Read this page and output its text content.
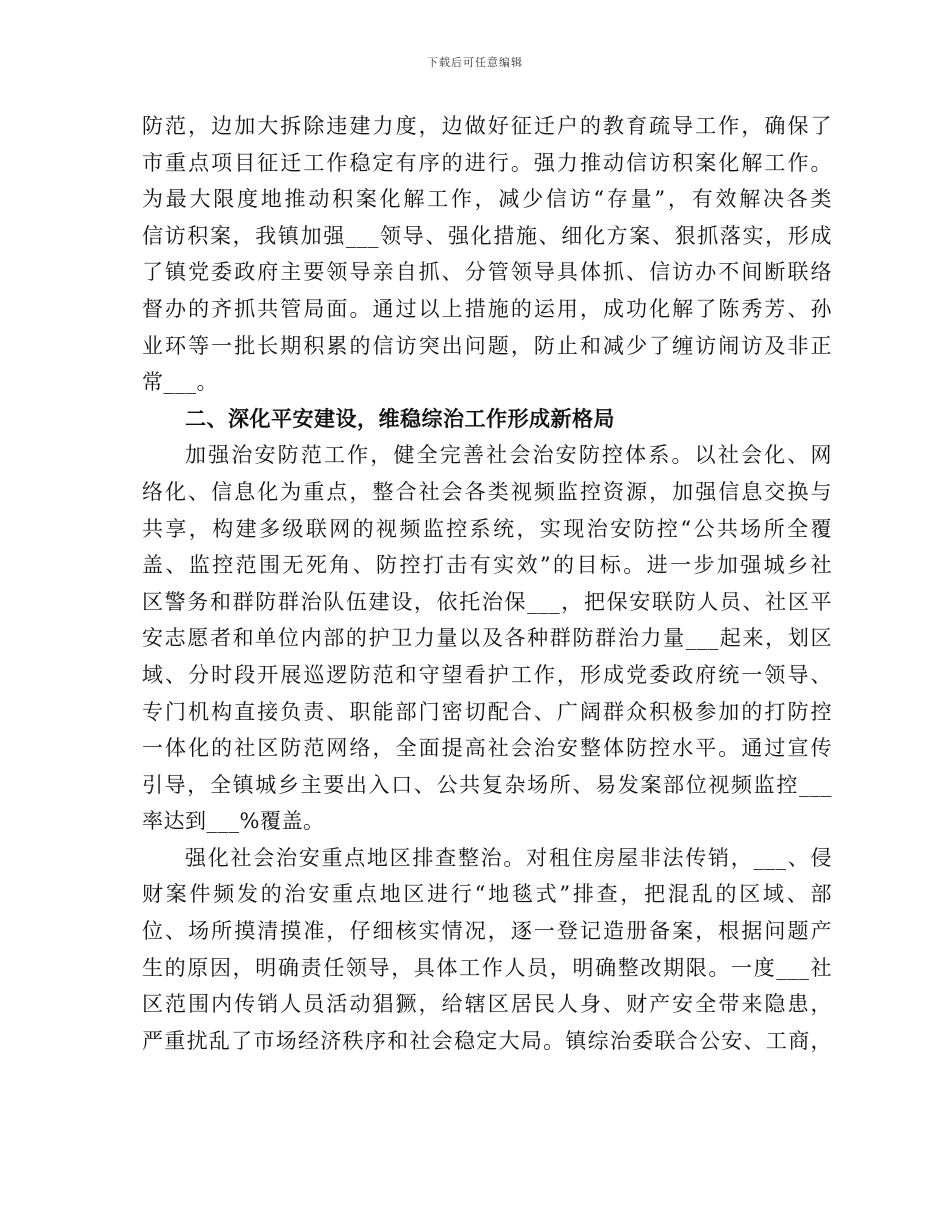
下载后可任意编辑
防范，边加大拆除违建力度，边做好征迁户的教育疏导工作，确保了
市重点项目征迁工作稳定有序的进行。强力推动信访积案化解工作。
为最大限度地推动积案化解工作，减少信访“存量”，有效解决各类
信访积案，我镇加强___领导、强化措施、细化方案、狠抓落实，形成
了镇党委政府主要领导亲自抓、分管领导具体抓、信访办不间断联络
督办的齐抓共管局面。通过以上措施的运用，成功化解了陈秀芳、孙
业环等一批长期积累的信访突出问题，防止和减少了缠访闹访及非正
常___。
二、深化平安建设，维稳综治工作形成新格局
加强治安防范工作，健全完善社会治安防控体系。以社会化、网
络化、信息化为重点，整合社会各类视频监控资源，加强信息交换与
共享，构建多级联网的视频监控系统，实现治安防控“公共场所全覆
盖、监控范围无死角、防控打击有实效”的目标。进一步加强城乡社
区警务和群防群治队伍建设，依托治保___，把保安联防人员、社区平
安志愿者和单位内部的护卫力量以及各种群防群治力量___起来，划区
域、分时段开展巡逻防范和守望看护工作，形成党委政府统一领导、
专门机构直接负责、职能部门密切配合、广阔群众积极参加的打防控
一体化的社区防范网络，全面提高社会治安整体防控水平。通过宣传
引导，全镇城乡主要出入口、公共复杂场所、易发案部位视频监控___
率达到___%覆盖。
强化社会治安重点地区排查整治。对租住房屋非法传销，___、侵
财案件频发的治安重点地区进行“地毯式”排查，把混乱的区域、部
位、场所摸清摸准，仔细核实情况，逐一登记造册备案，根据问题产
生的原因，明确责任领导，具体工作人员，明确整改期限。一度___社
区范围内传销人员活动猖獗，给辖区居民人身、财产安全带来隐患，
严重扰乱了市场经济秩序和社会稳定大局。镇综治委联合公安、工商，
